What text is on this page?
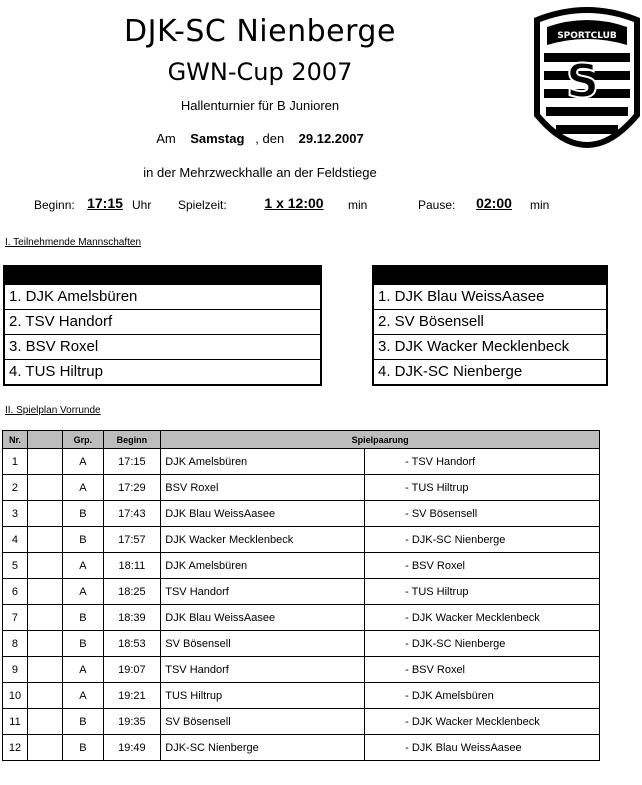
DJK-SC Nienberge
GWN-Cup 2007
Hallenturnier für B Junioren
Am Samstag , den 29.12.2007
in der Mehrzweckhalle an der Feldstiege
Beginn: 17:15 Uhr Spielzeit:	1 x 12:00	min	Pause:	02:00	min
SPORTCLUB
S
I. Teilnehmende Mannschaften
1. DJK Amelsbüren
2. TSV Handorf
3. BSV Roxel
4. TUS Hiltrup
1. DJK Blau WeissAasee
2. SV Bösensell
3. DJK Wacker Mecklenbeck
4. DJK-SC Nienberge
II. Spielplan Vorrunde
Nr.		Grp.	Beginn	Spielpaarung	
1		A	17:15	DJK Amelsbüren	- TSV Handorf
2		A	17:29	BSV Roxel	- TUS Hiltrup
3		B	17:43	DJK Blau WeissAasee	- SV Bösensell
4		B	17:57	DJK Wacker Mecklenbeck	- DJK-SC Nienberge
5		A	18:11	DJK Amelsbüren	- BSV Roxel
6		A	18:25	TSV Handorf	- TUS Hiltrup
7		B	18:39	DJK Blau WeissAasee	- DJK Wacker Mecklenbeck
8		B	18:53	SV Bösensell	- DJK-SC Nienberge
9		A	19:07	TSV Handorf	- BSV Roxel
10		A	19:21	TUS Hiltrup	- DJK Amelsbüren
11		B	19:35	SV Bösensell	- DJK Wacker Mecklenbeck
12		B	19:49	DJK-SC Nienberge	- DJK Blau WeissAasee
